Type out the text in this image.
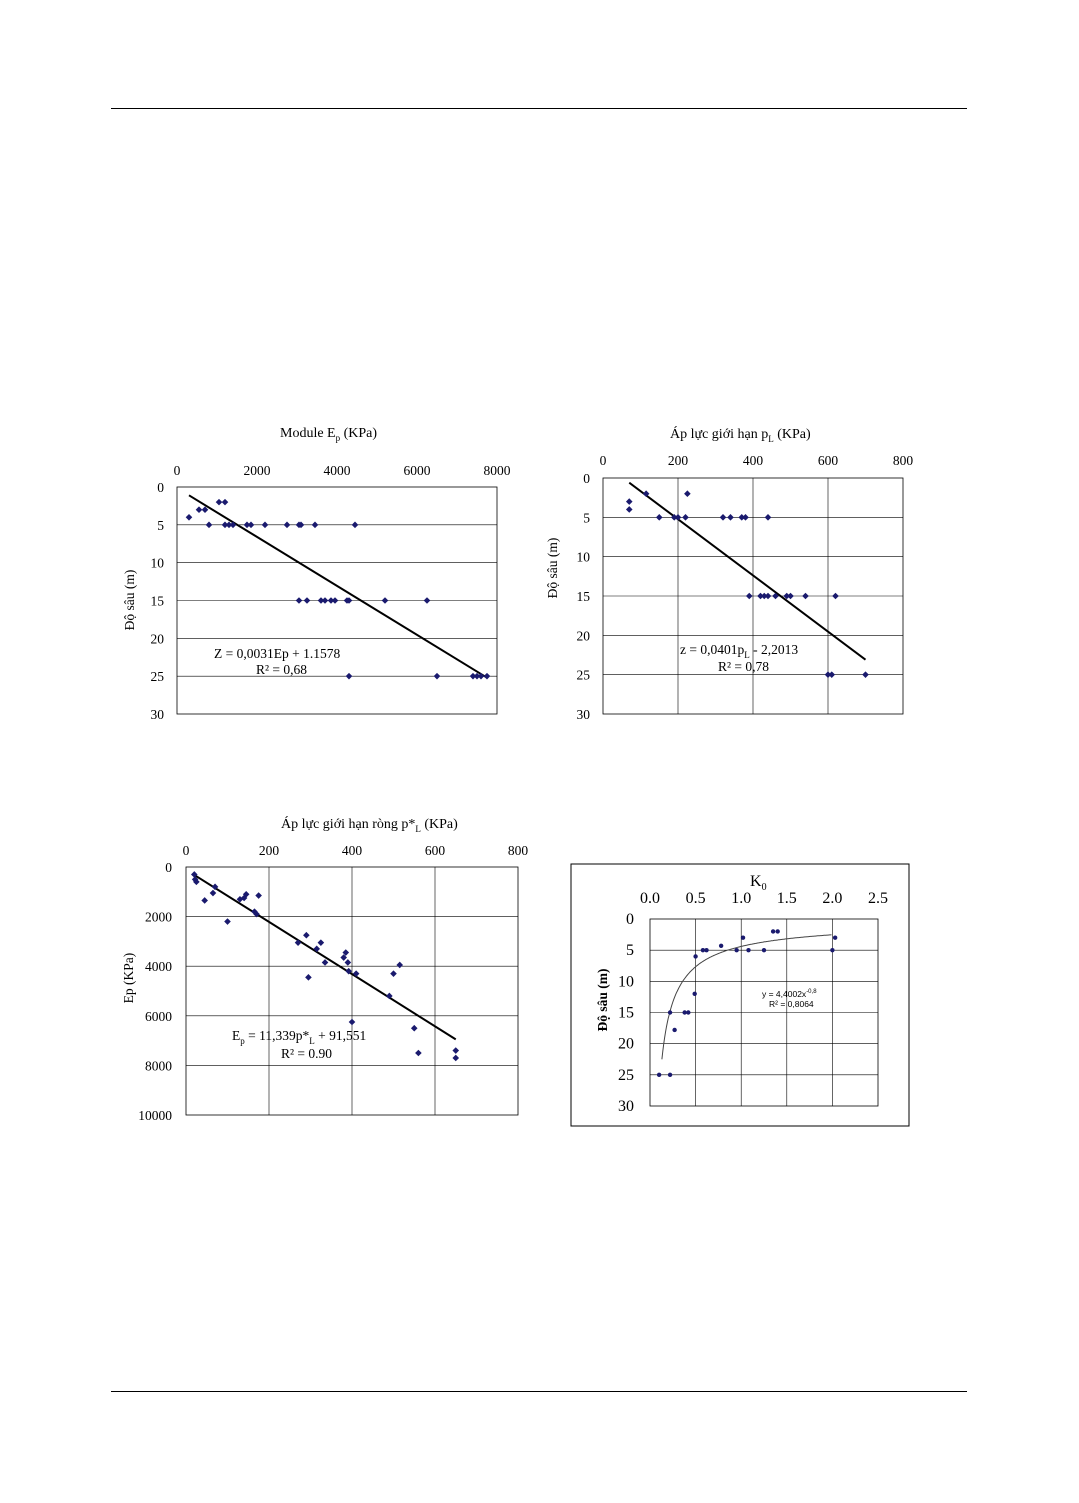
Module $E_p$ (KPa)
0	2000	4000	6000	8000
0
5
10
15
20
25
30
Độ sâu (m)
Z = 0,0031Ep + 1.1578
R² = 0,68
Áp lực giới hạn $p_L$ (KPa)
0	200	400	600	800
0
5
10
15
20
25
30
Độ sâu (m)
$z = 0,0401p_L - 2,2013$
R² = 0,78
Áp lực giới hạn ròng $p*_L$ (KPa)
0	200	400	600	800
0
2000
4000
6000
8000
10000
Ep (KPa)
$E_p = 11,339p*_L + 91,551$
R² = 0.90
$K_0$
0.0 0.5 1.0 1.5 2.0 2.5
0
5
10
15
20
25
30
Độ sâu (m)	$y = 4,4002x^{-0,8}$
R² = 0,8064
